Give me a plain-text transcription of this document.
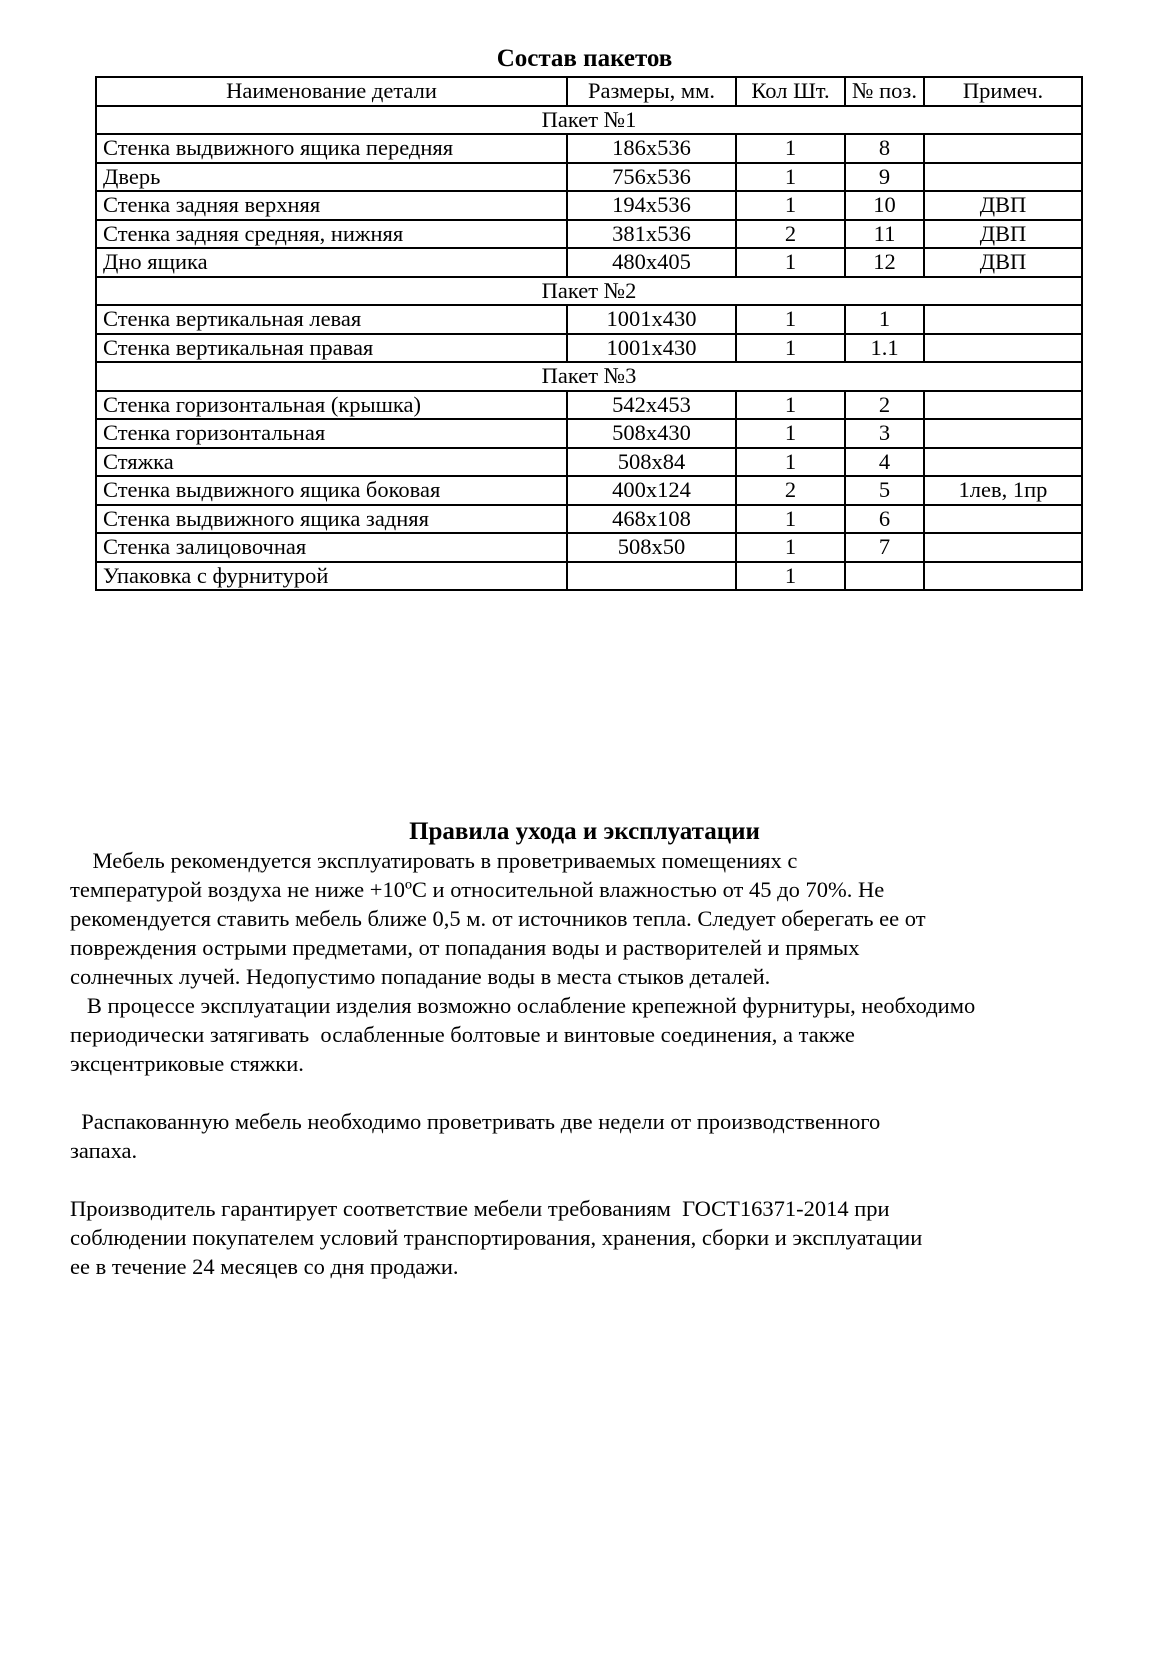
Состав пакетов
Наименование детали	Размеры, мм.	Кол Шт.	№ поз.	Примеч.
Пакет №1				
Стенка выдвижного ящика передняя	186x536	1	8	
Дверь	756x536	1	9	
Стенка задняя верхняя	194x536	1	10	ДВП
Стенка задняя средняя, нижняя	381x536	2	11	ДВП
Дно ящика	480x405	1	12	ДВП
Пакет №2				
Стенка вертикальная левая	1001x430	1	1	
Стенка вертикальная правая	1001x430	1	1.1	
Пакет №3				
Стенка горизонтальная (крышка)	542x453	1	2	
Стенка горизонтальная	508x430	1	3	
Стяжка	508x84	1	4	
Стенка выдвижного ящика боковая	400x124	2	5	1лев, 1пр
Стенка выдвижного ящика задняя	468x108	1	6	
Стенка залицовочная	508x50	1	7	
Упаковка с фурнитурой		1		
Правила ухода и эксплуатации
Мебель рекомендуется эксплуатировать в проветриваемых помещениях с
температурой воздуха не ниже +10ºС и относительной влажностью от 45 до 70%. Не
рекомендуется ставить мебель ближе 0,5 м. от источников тепла. Следует оберегать ее от
повреждения острыми предметами, от попадания воды и растворителей и прямых
солнечных лучей. Недопустимо попадание воды в места стыков деталей.
В процессе эксплуатации изделия возможно ослабление крепежной фурнитуры, необходимо
периодически затягивать  ослабленные болтовые и винтовые соединения, а также
эксцентриковые стяжки.
Распакованную мебель необходимо проветривать две недели от производственного
запаха.
Производитель гарантирует соответствие мебели требованиям  ГОСТ16371-2014 при
соблюдении покупателем условий транспортирования, хранения, сборки и эксплуатации
ее в течение 24 месяцев со дня продажи.
